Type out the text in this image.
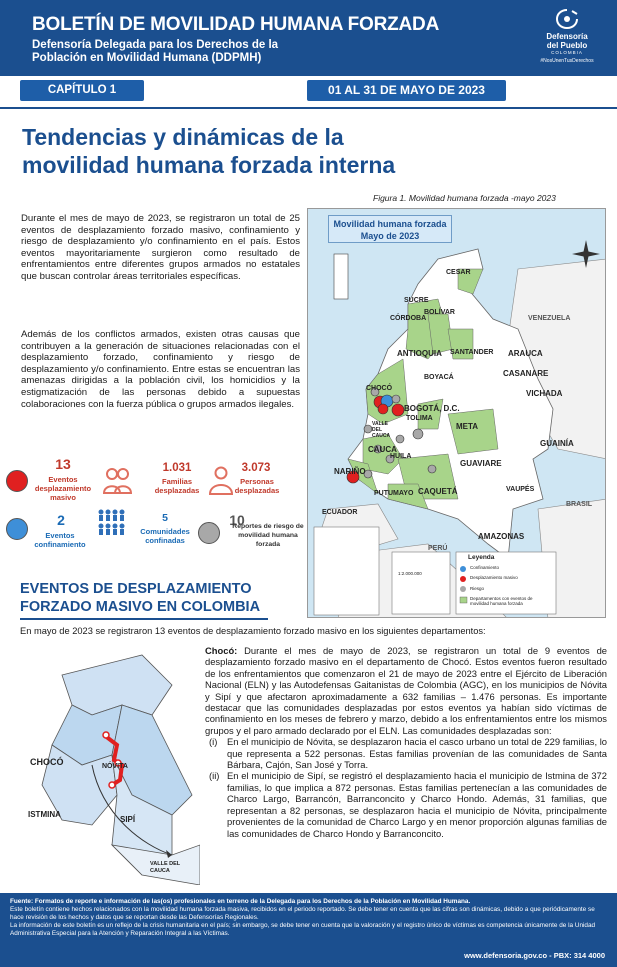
BOLETÍN DE MOVILIDAD HUMANA FORZADA
Defensoría Delegada para los Derechos de la
Población en Movilidad Humana (DDPMH)
Defensoría
del Pueblo
COLOMBIA
#NosUnenTusDerechos
CAPÍTULO 1	01 AL 31 DE MAYO DE 2023
Tendencias y dinámicas de la movilidad humana forzada interna
Figura 1. Movilidad humana forzada -mayo 2023
Durante el mes de mayo de 2023, se registraron un total de 25 eventos de desplazamiento forzado masivo, confinamiento y riesgo de desplazamiento y/o confinamiento en el país. Estos eventos mayoritariamente surgieron como resultado de enfrentamientos entre diferentes grupos armados no estatales que buscan controlar áreas territoriales específicas.
Además de los conflictos armados, existen otras causas que contribuyen a la generación de situaciones relacionadas con el desplazamiento forzado, confinamiento y riesgo de desplazamiento y/o confinamiento. Entre estas se encuentran las amenazas dirigidas a la población civil, los homicidios y la estigmatización de las personas debido a supuestas colaboraciones con la fuerza pública o grupos armados ilegales.
13
Eventos desplazamiento masivo
1.031
Familias desplazadas
3.073
Personas desplazadas
2
Eventos confinamiento
5
Comunidades confinadas
10
Reportes de riesgo de movilidad humana forzada
Movilidad humana forzada
Mayo de 2023
CESAR
SUCRE
CÓRDOBA
BOLÍVAR
ANTIOQUIA SANTANDER
VENEZUELA
ARAUCA
CASANARE
CHOCÓ
BOYACÁ
BOGOTÁ, D.C.
TOLIMA
VICHADA
VALLE DEL CAUCA
META
GUAINÍA
CAUCA
HUILA
GUAVIARE
NARIÑO
CAQUETÁ	VAUPÉS
PUTUMAYO
ECUADOR
BRASIL
AMAZONAS
PERÚ
Leyenda
Confinamiento
Desplazamiento masivo
Riesgo
Departamentos con eventos de movilidad humana forzada
1:2.000.000
EVENTOS DE DESPLAZAMIENTO FORZADO MASIVO EN COLOMBIA
En mayo de 2023 se registraron 13 eventos de desplazamiento forzado masivo en los siguientes departamentos:
CHOCÓ	NÓVITA
ISTMINA
SIPÍ
VALLE DEL CAUCA

Chocó: Durante el mes de mayo de 2023, se registraron un total de 9 eventos de desplazamiento forzado masivo en el departamento de Chocó. Estos eventos fueron resultado de los enfrentamientos que comenzaron el 21 de mayo de 2023 entre el Ejército de Liberación Nacional (ELN) y las Autodefensas Gaitanistas de Colombia (AGC), en los municipios de Nóvita y Sipí y que afectaron aproximadamente a 632 familias – 1.476 personas. Es importante destacar que las comunidades desplazadas por estos eventos ya habían sido víctimas de confinamiento en los meses de febrero y marzo, debido a los enfrentamientos entre los mismos grupos y el paro armado declarado por el ELN. Las comunidades desplazadas son:

(i)	En el municipio de Nóvita, se desplazaron hacia el casco urbano un total de 229 familias, lo que representa a 522 personas. Estas familias provenían de las comunidades de Santa Bárbara, Cajón, San José y Torra.
(ii) En el municipio de Sipí, se registró el desplazamiento hacia el municipio de Istmina de 372 familias, lo que implica a 872 personas. Estas familias pertenecían a las comunidades de Charco Largo, Barrancón, Barranconcito y Charco Hondo. Además, 31 familias, que representan a 82 personas, se desplazaron hacia el municipio de Nóvita, principalmente provenientes de la comunidad de Charco Largo y en menor proporción algunas familias de las comunidades de Charco Hondo y Barranconcito.
Fuente: Formatos de reporte e información de las(os) profesionales en terreno de la Delegada para los Derechos de la Población en Movilidad Humana.
Este boletín contiene hechos relacionados con la movilidad humana forzada masiva, recibidos en el periodo reportado. Se debe tener en cuenta que las cifras son dinámicas, debido a que periódicamente se hace revisión de los hechos y datos que se reportan desde las Defensorías Regionales.
La información de este boletín es un reflejo de la crisis humanitaria en el país; sin embargo, se debe tener en cuenta que la valoración y el registro único de víctimas es competencia únicamente de la Unidad Administrativa Especial para la Atención y Reparación Integral a las Víctimas.
www.defensoria.gov.co - PBX: 314 4000
